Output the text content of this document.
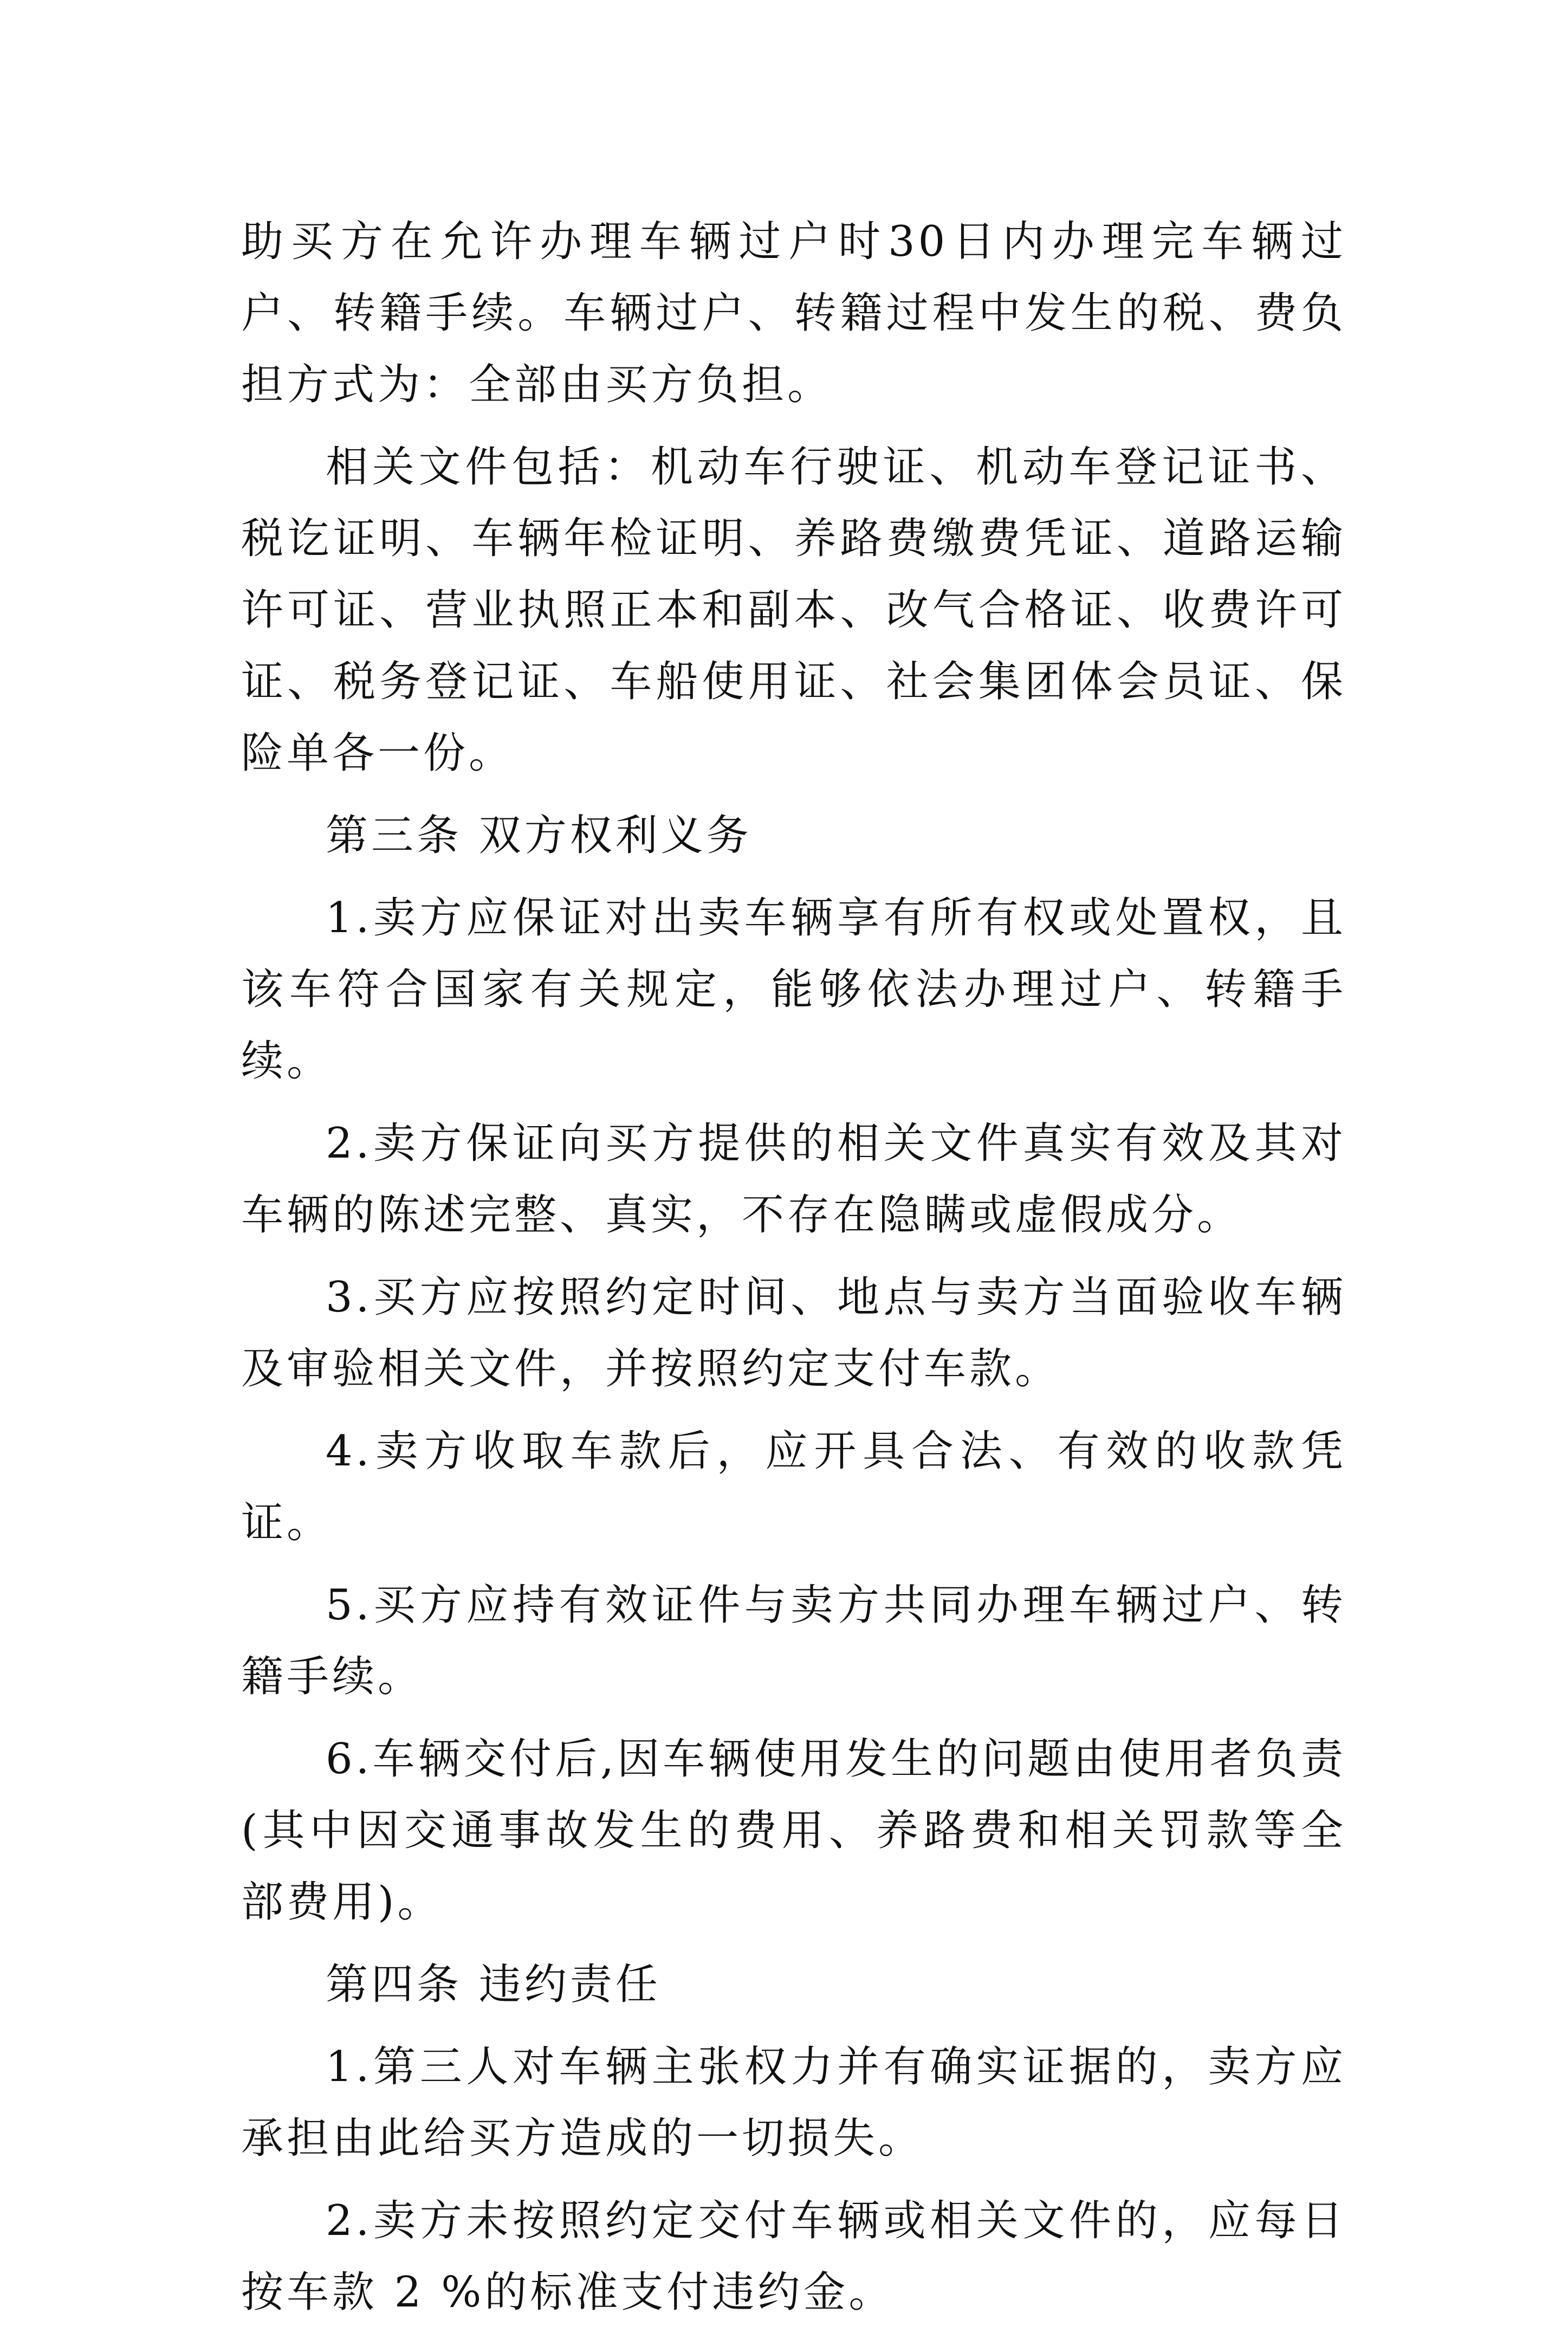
助买方在允许办理车辆过户时30日内办理完车辆过户、转籍手续。车辆过户、转籍过程中发生的税、费负担方式为：全部由买方负担。

相关文件包括：机动车行驶证、机动车登记证书、税讫证明、车辆年检证明、养路费缴费凭证、道路运输许可证、营业执照正本和副本、改气合格证、收费许可证、税务登记证、车船使用证、社会集团体会员证、保险单各一份。

第三条 双方权利义务

1.卖方应保证对出卖车辆享有所有权或处置权，且该车符合国家有关规定，能够依法办理过户、转籍手续。

2.卖方保证向买方提供的相关文件真实有效及其对车辆的陈述完整、真实，不存在隐瞒或虚假成分。

3.买方应按照约定时间、地点与卖方当面验收车辆及审验相关文件，并按照约定支付车款。

4.卖方收取车款后，应开具合法、有效的收款凭证。

5.买方应持有效证件与卖方共同办理车辆过户、转籍手续。

6.车辆交付后,因车辆使用发生的问题由使用者负责(其中因交通事故发生的费用、养路费和相关罚款等全部费用)。

第四条 违约责任

1.第三人对车辆主张权力并有确实证据的，卖方应承担由此给买方造成的一切损失。

2.卖方未按照约定交付车辆或相关文件的，应每日按车款 2 %的标准支付违约金。
